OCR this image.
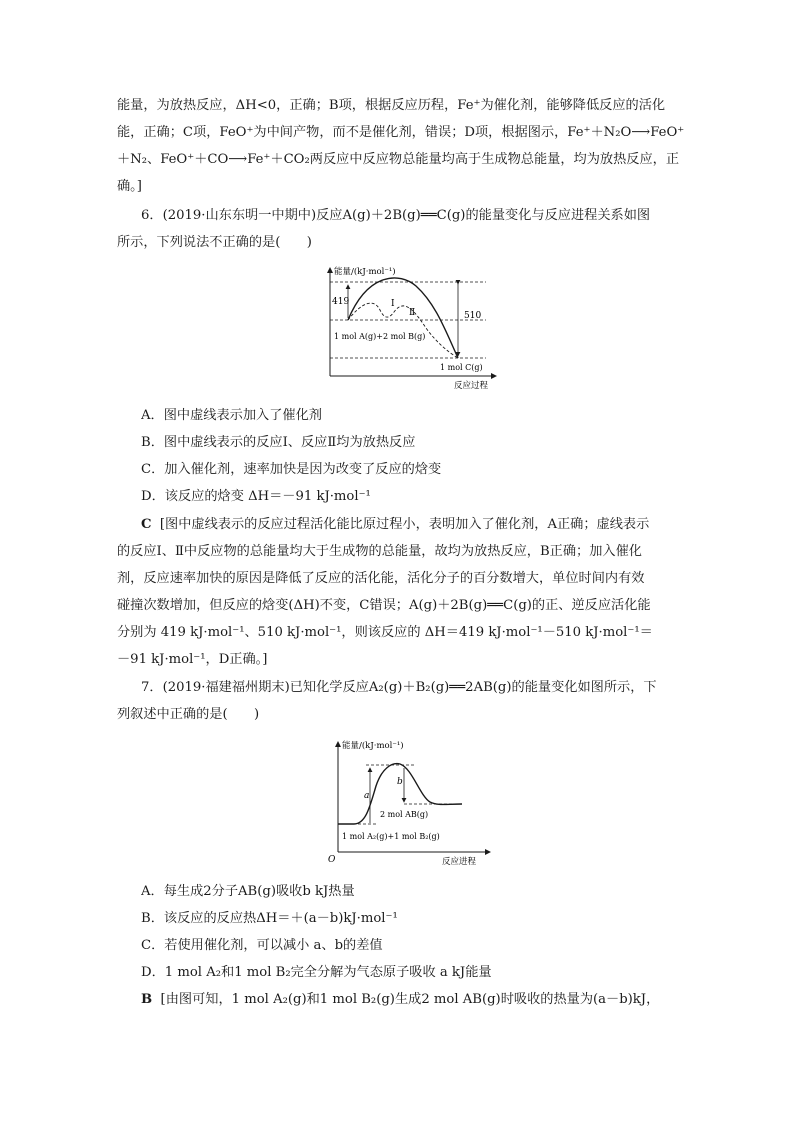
能量，为放热反应，ΔH<0，正确；B项，根据反应历程，Fe⁺为催化剂，能够降低反应的活化
能，正确；C项，FeO⁺为中间产物，而不是催化剂，错误；D项，根据图示，Fe⁺＋N₂O⟶FeO⁺
＋N₂、FeO⁺＋CO⟶Fe⁺＋CO₂两反应中反应物总能量均高于生成物总能量，均为放热反应，正
确。]
6．(2019·山东东明一中期中)反应A(g)＋2B(g)══C(g)的能量变化与反应进程关系如图
所示，下列说法不正确的是(　　)
能量/(kJ·mol⁻¹)
反应过程
419
510
Ⅰ
Ⅱ
1 mol A(g)+2 mol B(g)
1 mol C(g)
A．图中虚线表示加入了催化剂
B．图中虚线表示的反应Ⅰ、反应Ⅱ均为放热反应
C．加入催化剂，速率加快是因为改变了反应的焓变
D．该反应的焓变 ΔH＝－91 kJ·mol⁻¹
C [图中虚线表示的反应过程活化能比原过程小，表明加入了催化剂，A正确；虚线表示
的反应Ⅰ、Ⅱ中反应物的总能量均大于生成物的总能量，故均为放热反应，B正确；加入催化
剂，反应速率加快的原因是降低了反应的活化能，活化分子的百分数增大，单位时间内有效
碰撞次数增加，但反应的焓变(ΔH)不变，C错误；A(g)＋2B(g)══C(g)的正、逆反应活化能
分别为 419 kJ·mol⁻¹、510 kJ·mol⁻¹，则该反应的 ΔH＝419 kJ·mol⁻¹－510 kJ·mol⁻¹＝
－91 kJ·mol⁻¹，D正确。]
7．(2019·福建福州期末)已知化学反应A₂(g)＋B₂(g)══2AB(g)的能量变化如图所示，下
列叙述中正确的是(　　)
能量/(kJ·mol⁻¹)
O	反应进程
a
b
2 mol AB(g)
1 mol A₂(g)+1 mol B₂(g)
A．每生成2分子AB(g)吸收b kJ热量
B．该反应的反应热ΔH＝＋(a－b)kJ·mol⁻¹
C．若使用催化剂，可以减小 a、b的差值
D．1 mol A₂和1 mol B₂完全分解为气态原子吸收 a kJ能量
B [由图可知，1 mol A₂(g)和1 mol B₂(g)生成2 mol AB(g)时吸收的热量为(a－b)kJ，
